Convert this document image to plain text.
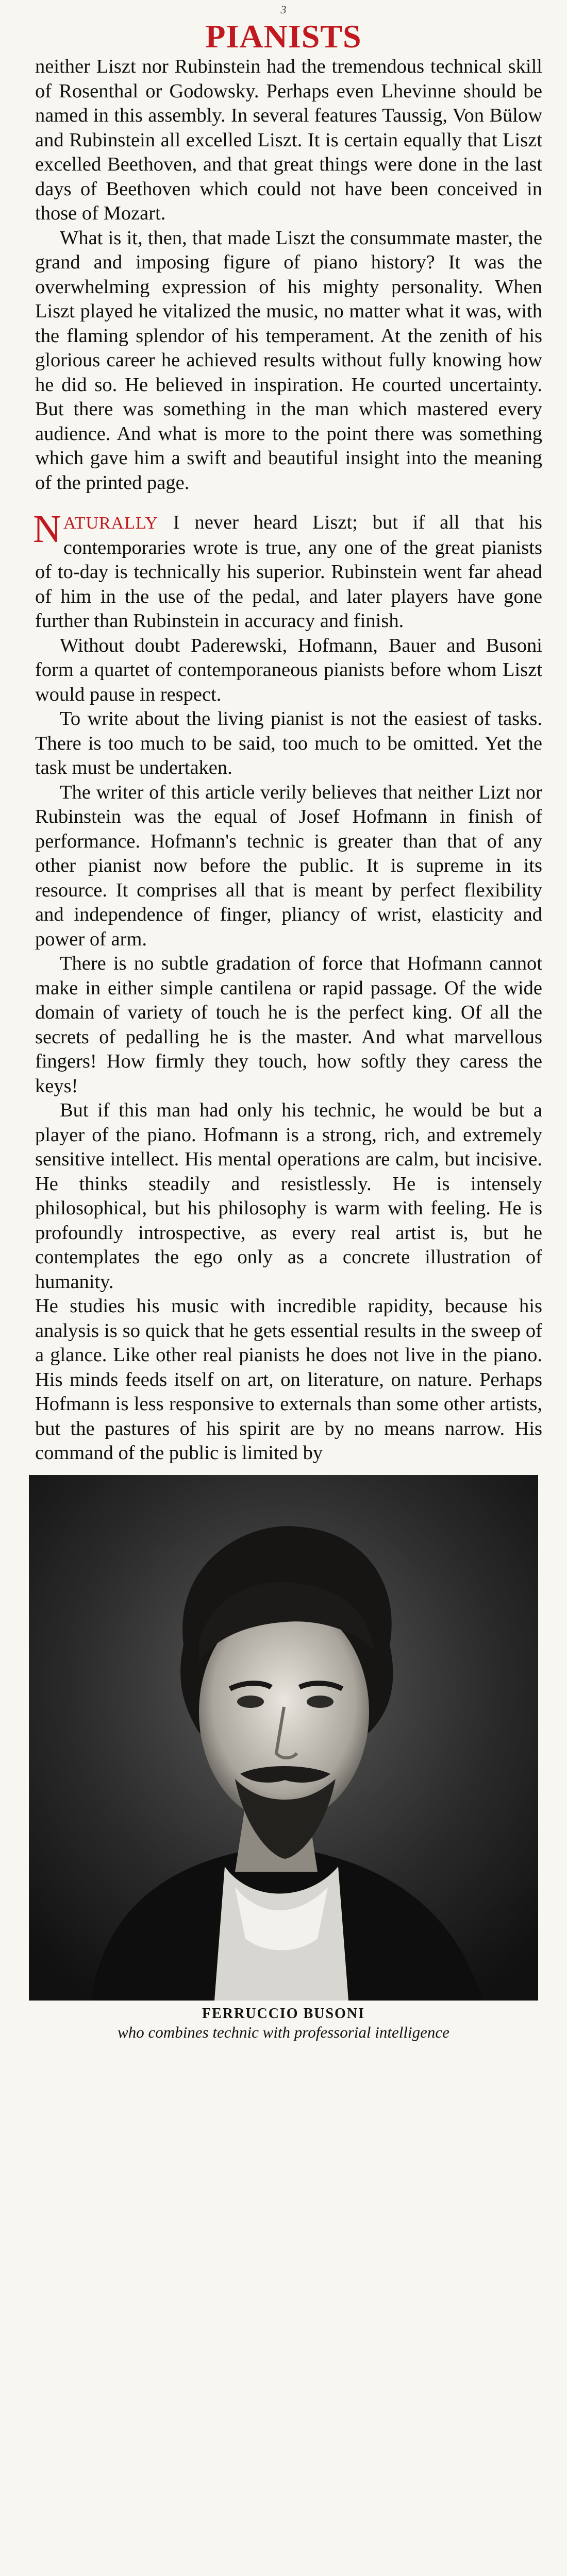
3
PIANISTS

neither Liszt nor Rubinstein had the tremendous technical skill of Rosenthal or Godowsky. Perhaps even Lhevinne should be named in this assembly. In several features Taussig, Von Bülow and Rubinstein all excelled Liszt. It is certain equally that Liszt excelled Beethoven, and that great things were done in the last days of Beethoven which could not have been conceived in those of Mozart.

What is it, then, that made Liszt the consummate master, the grand and imposing figure of piano history? It was the overwhelming expression of his mighty personality. When Liszt played he vitalized the music, no matter what it was, with the flaming splendor of his temperament. At the zenith of his glorious career he achieved results without fully knowing how he did so. He believed in inspiration. He courted uncertainty. But there was something in the man which mastered every audience. And what is more to the point there was something which gave him a swift and beautiful insight into the meaning of the printed page.

N ATURALLY I never heard Liszt; but if all that his contemporaries wrote is true, any one of the great pianists of to-day is technically his superior. Rubinstein went far ahead of him in the use of the pedal, and later players have gone further than Rubinstein in accuracy and finish.

Without doubt Paderewski, Hofmann, Bauer and Busoni form a quartet of contemporaneous pianists before whom Liszt would pause in respect.

To write about the living pianist is not the easiest of tasks. There is too much to be said, too much to be omitted. Yet the task must be undertaken.

The writer of this article verily believes that neither Lizt nor Rubinstein was the equal of Josef Hofmann in finish of performance. Hofmann's technic is greater than that of any other pianist now before the public. It is supreme in its resource. It comprises all that is meant by perfect flexibility and independence of finger, pliancy of wrist, elasticity and power of arm.

There is no subtle gradation of force that Hofmann cannot make in either simple cantilena or rapid passage. Of the wide domain of variety of touch he is the perfect king. Of all the secrets of pedalling he is the master. And what marvellous fingers! How firmly they touch, how softly they caress the keys!

But if this man had only his technic, he would be but a player of the piano. Hofmann is a strong, rich, and extremely sensitive intellect. His mental operations are calm, but incisive. He thinks steadily and resistlessly. He is intensely philosophical, but his philosophy is warm with feeling. He is profoundly introspective, as every real artist is, but he contemplates the ego only as a concrete illustration of humanity.

He studies his music with incredible rapidity, because his analysis is so quick that he gets essential results in the sweep of a glance. Like other real pianists he does not live in the piano. His minds feeds itself on art, on literature, on nature. Perhaps Hofmann is less responsive to externals than some other artists, but the pastures of his spirit are by no means narrow. His command of the public is limited by

FERRUCCIO BUSONI
who combines technic with professorial intelligence
